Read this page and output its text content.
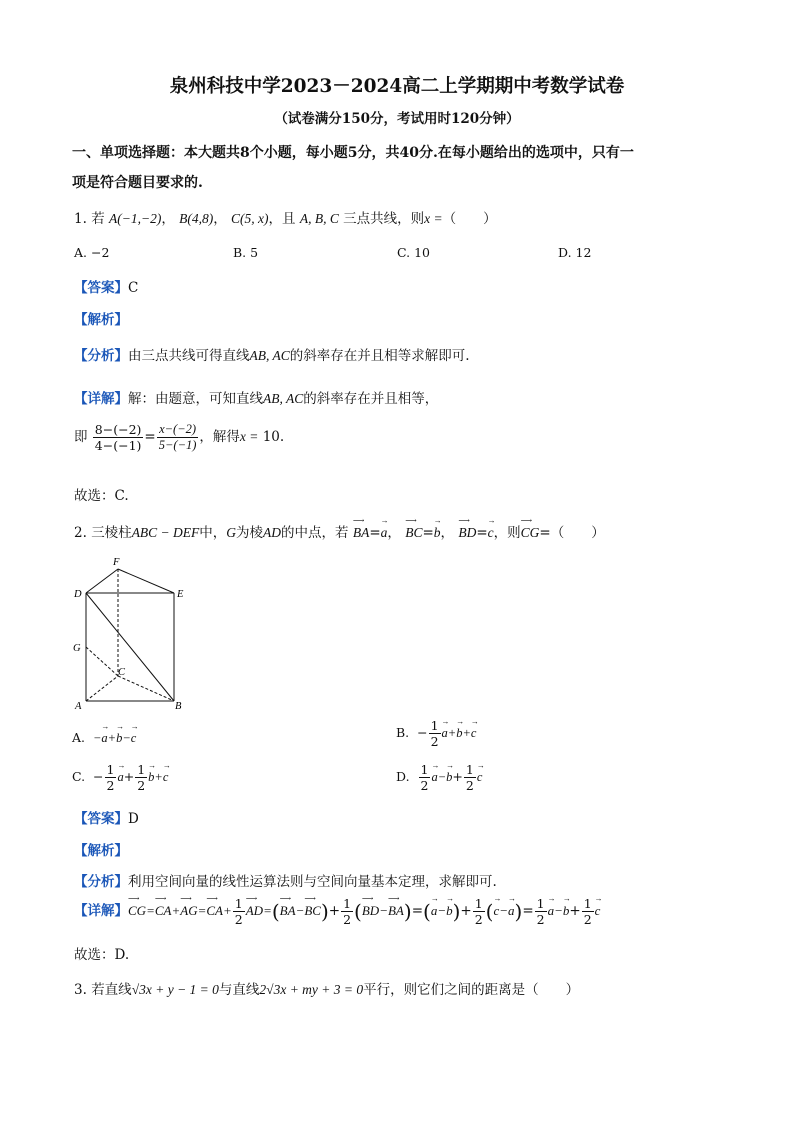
泉州科技中学2023－2024高二上学期期中考数学试卷
（试卷满分150分，考试用时120分钟）
一、单项选择题：本大题共8个小题，每小题5分，共40分.在每小题给出的选项中，只有一
项是符合题目要求的.
1. 若 A(−1,−2)， B(4,8)， C(5, x)，且 A, B, C 三点共线，则x =（　　）
A. −2	B. 5	C. 10	D. 12
【答案】C
【解析】
【分析】由三点共线可得直线AB, AC的斜率存在并且相等求解即可.
【详解】解：由题意，可知直线AB, AC的斜率存在并且相等，
即 $\frac{8-(-2)}{4-(-1)} = \frac{x-(-2)}{5-(-1)}$ ，解得x = 10.
故选：C.
2. 三棱柱ABC − DEF中，G为棱AD的中点，若
⟶
BA=
→
a，
⟶
BC=
→
b，
⟶
BD=
→
c，则
⟶
CG=（　　）
F
D	E
G
C
A	B
A. −
→
a+
→
b−
→
c	B.  − $\frac{1}{2}$ →
a+
→
b+
→
c
C.  − $\frac{1}{2}$ →
$a+ \frac{1}{2}$ →
b+
→
c	D. $\frac{1}{2}$ →
a−
→
$b+ \frac{1}{2}$ →
c
【答案】D
【解析】
【分析】利用空间向量的线性运算法则与空间向量基本定理，求解即可.
【详解】
⟶
CG=
⟶
CA+
⟶
AG=
⟶
$CA+ \frac{1}{2}$ ⟶
AD=(
⟶
BA−
⟶
$BC)+ \frac{1}{2}$ (
⟶
BD−
⟶
BA)=(
→
a−
→
$b)+ \frac{1}{2}$ (
→
c−
→
$a)= \frac{1}{2}$ →
a−
→
$b+ \frac{1}{2}$ →
c
故选：D.
3. 若直线√3x + y − 1 = 0与直线2√3x + my + 3 = 0平行，则它们之间的距离是（　　）
